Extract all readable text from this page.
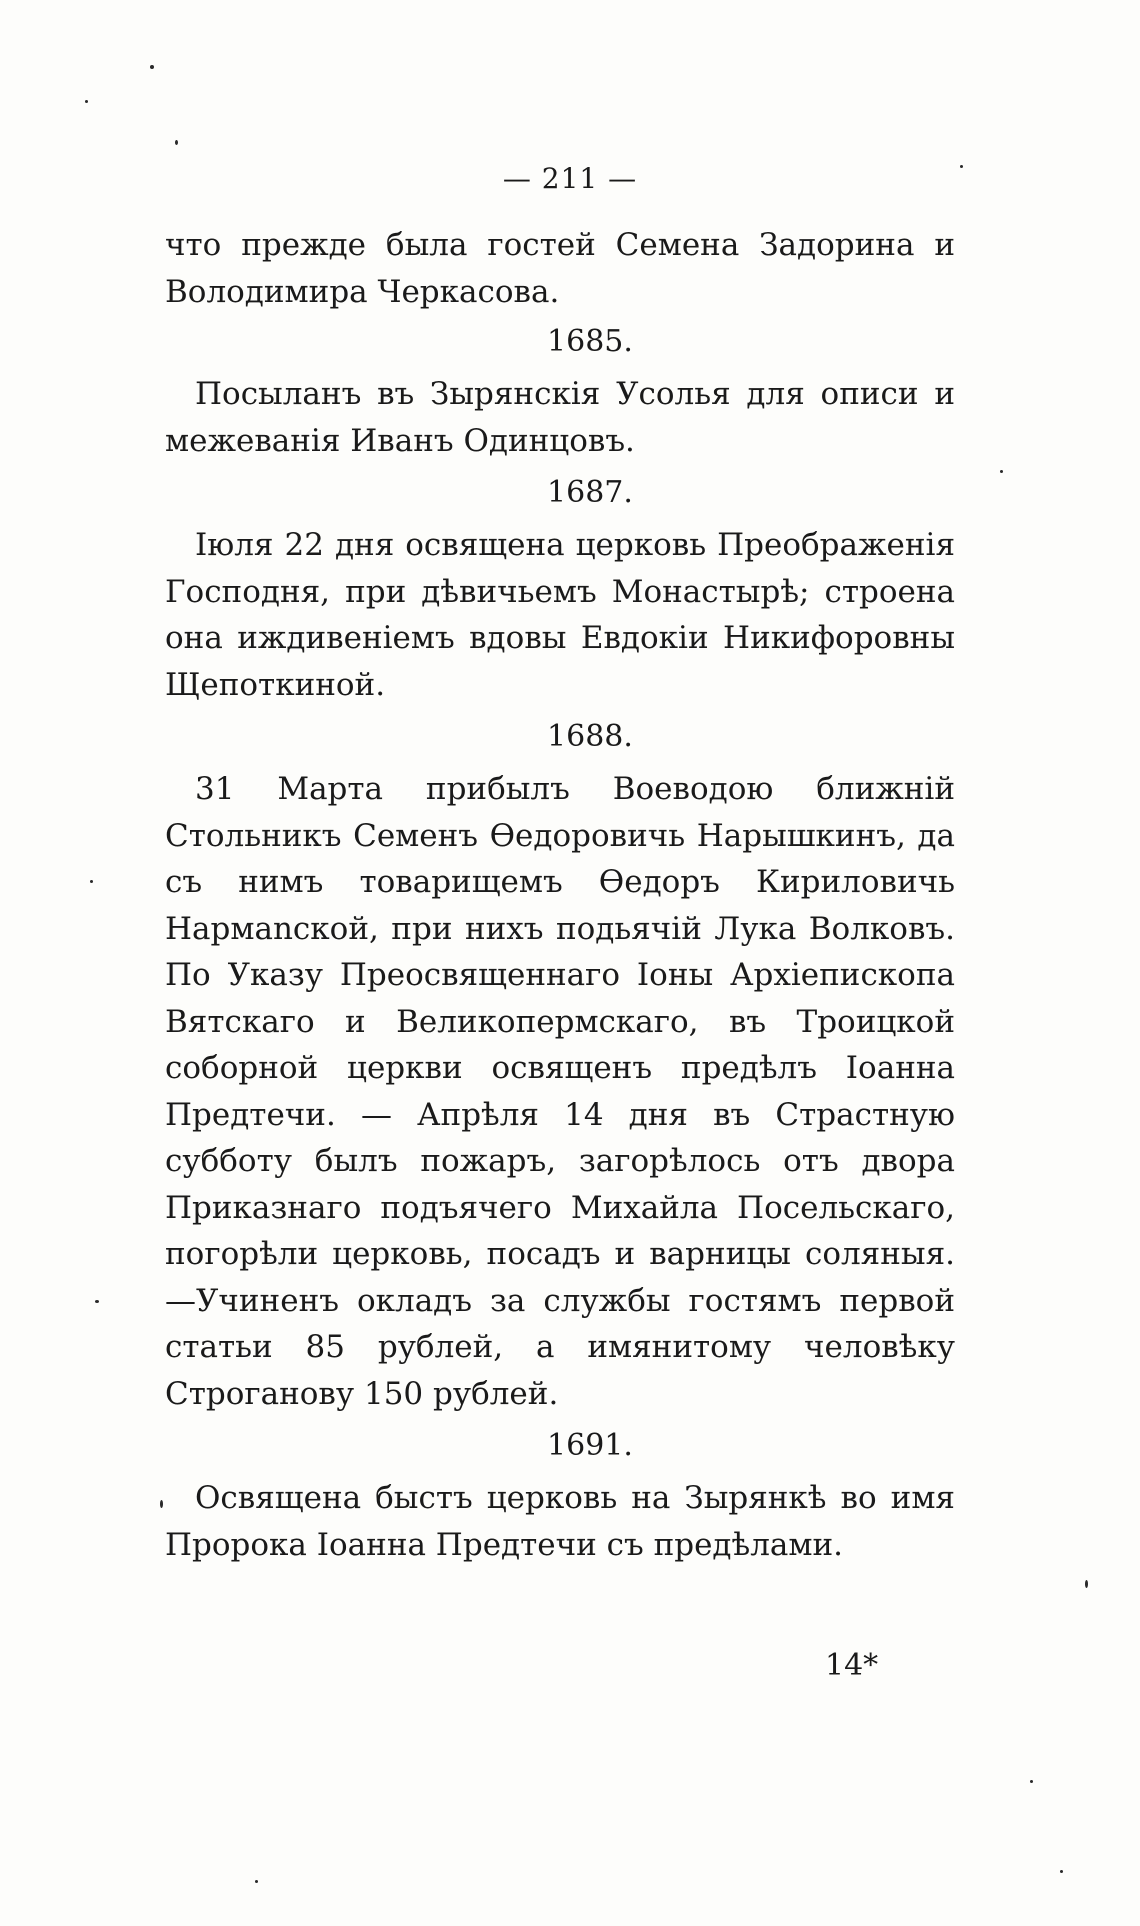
— 211 —

что прежде была гостей Семена Задорина и Володимира Черкасова.

1685.

Посыланъ въ Зырянскія Усолья для описи и межеванія Иванъ Одинцовъ.

1687.

Іюля 22 дня освящена церковь Преображенія Господня, при дѣвичьемъ Монастырѣ; строена она иждивеніемъ вдовы Евдокіи Никифоровны Щепоткиной.

1688.

31 Марта прибылъ Воеводою ближній Стольникъ Семенъ Ѳедоровичь Нарышкинъ, да съ нимъ товарищемъ Ѳедоръ Кириловичь Нармanской, при нихъ подьячій Лука Волковъ. По Указу Преосвященнаго Іоны Архіепископа Вятскаго и Великопермскаго, въ Троицкой соборной церкви освященъ предѣлъ Іоанна Предтечи. — Апрѣля 14 дня въ Страстную субботу былъ пожаръ, загорѣлось отъ двора Приказнаго подъячего Михайла Посельскаго, погорѣли церковь, посадъ и варницы соляныя.—Учиненъ окладъ за службы гостямъ первой статьи 85 рублей, а имянитому человѣку Строганову 150 рублей.

1691.

Освящена быстъ церковь на Зырянкѣ во имя Пророка Іоанна Предтечи съ предѣлами.

14*
